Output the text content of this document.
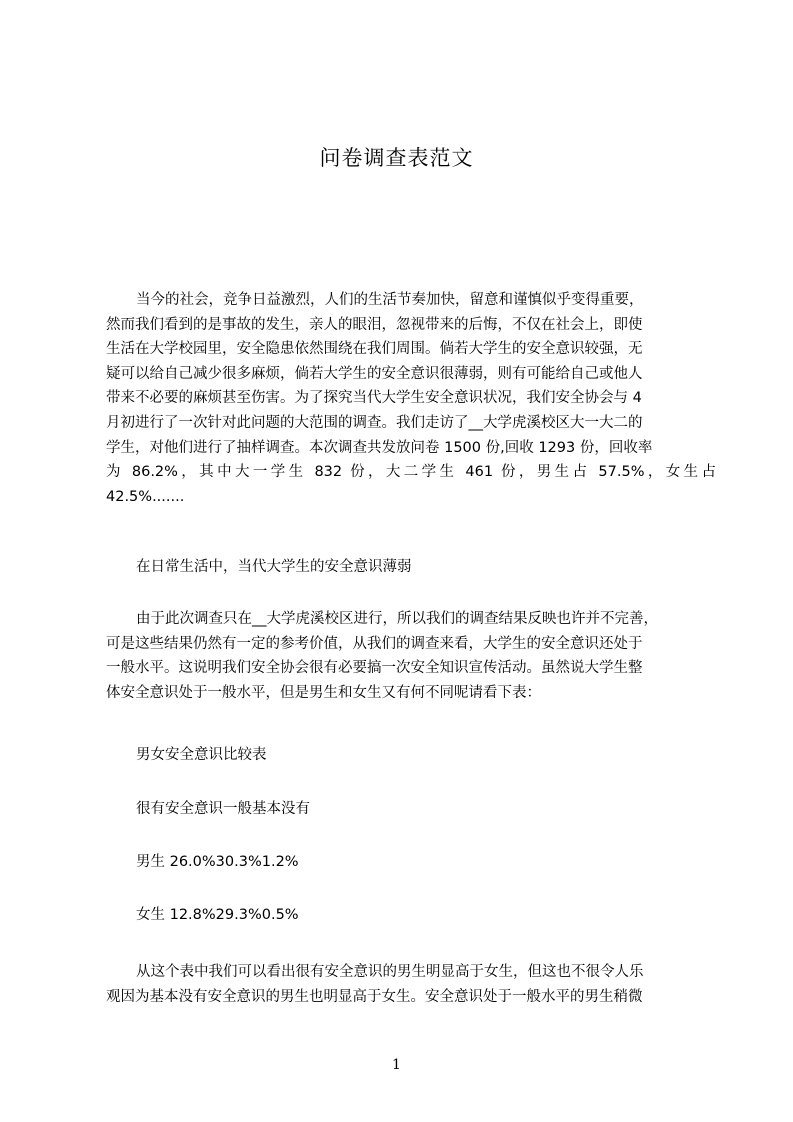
问卷调查表范文
当今的社会，竞争日益激烈，人们的生活节奏加快，留意和谨慎似乎变得重要，
然而我们看到的是事故的发生，亲人的眼泪，忽视带来的后悔，不仅在社会上，即使
生活在大学校园里，安全隐患依然围绕在我们周围。倘若大学生的安全意识较强，无
疑可以给自己减少很多麻烦，倘若大学生的安全意识很薄弱，则有可能给自己或他人
带来不必要的麻烦甚至伤害。为了探究当代大学生安全意识状况，我们安全协会与 4
月初进行了一次针对此问题的大范围的调查。我们走访了__大学虎溪校区大一大二的
学生，对他们进行了抽样调查。本次调查共发放问卷 1500 份,回收 1293 份，回收率
为 86.2%，其中大一学生 832 份，大二学生 461 份，男生占 57.5%，女生占
42.5%.......
在日常生活中，当代大学生的安全意识薄弱
由于此次调查只在__大学虎溪校区进行，所以我们的调查结果反映也许并不完善，
可是这些结果仍然有一定的参考价值，从我们的调查来看，大学生的安全意识还处于
一般水平。这说明我们安全协会很有必要搞一次安全知识宣传活动。虽然说大学生整
体安全意识处于一般水平，但是男生和女生又有何不同呢请看下表：
男女安全意识比较表
很有安全意识一般基本没有
男生 26.0%30.3%1.2%
女生 12.8%29.3%0.5%
从这个表中我们可以看出很有安全意识的男生明显高于女生，但这也不很令人乐
观因为基本没有安全意识的男生也明显高于女生。安全意识处于一般水平的男生稍微
1
